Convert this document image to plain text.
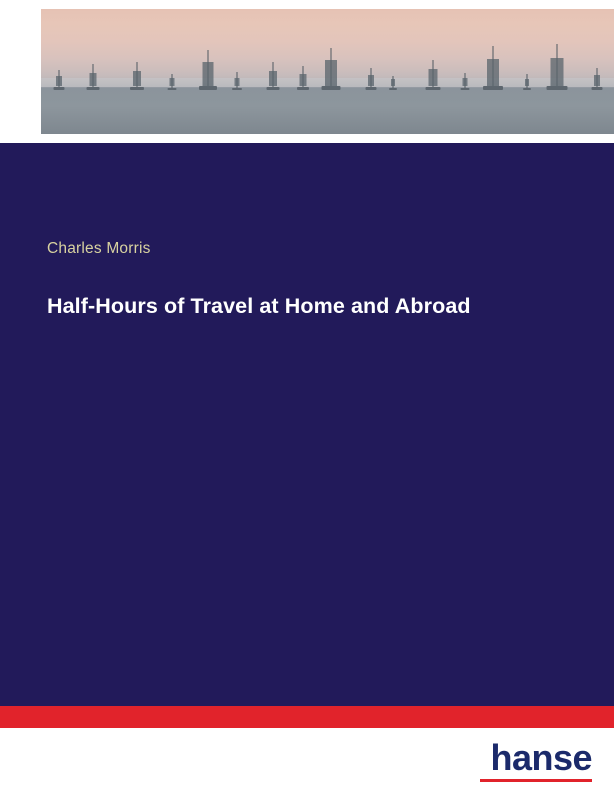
Charles Morris
Half-Hours of Travel at Home and Abroad
hanse
